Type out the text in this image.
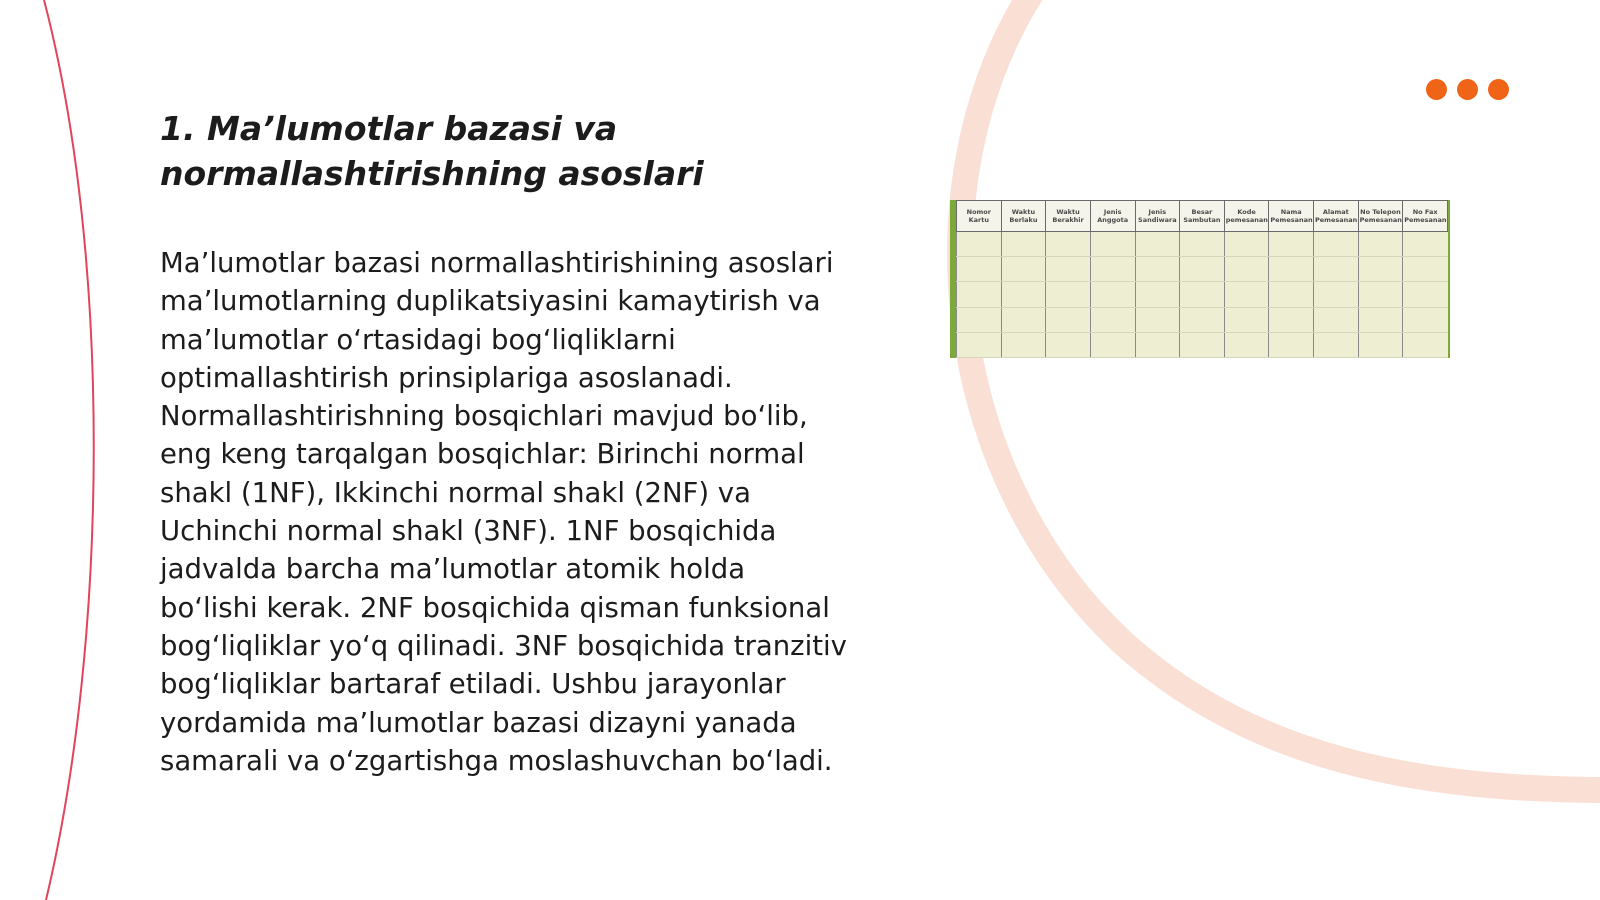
1. Ma’lumotlar bazasi va normallashtirishning asoslari

Ma’lumotlar bazasi normallashtirishining asoslari ma’lumotlarning duplikatsiyasini kamaytirish va ma’lumotlar o‘rtasidagi bog‘liqliklarni optimallashtirish prinsiplariga asoslanadi. Normallashtirishning bosqichlari mavjud bo‘lib, eng keng tarqalgan bosqichlar: Birinchi normal shakl (1NF), Ikkinchi normal shakl (2NF) va Uchinchi normal shakl (3NF). 1NF bosqichida jadvalda barcha ma’lumotlar atomik holda bo‘lishi kerak. 2NF bosqichida qisman funksional bog‘liqliklar yo‘q qilinadi. 3NF bosqichida tranzitiv bog‘liqliklar bartaraf etiladi. Ushbu jarayonlar yordamida ma’lumotlar bazasi dizayni yanada samarali va o‘zgartishga moslashuvchan bo‘ladi.

Nomor Kartu	Waktu Berlaku	Waktu Berakhir	Jenis Anggota	Jenis Sandiwara	Besar Sambutan	Kode pemesanan	Nama Pemesanan	Alamat Pemesanan	No Telepon Pemesanan	No Fax Pemesanan
